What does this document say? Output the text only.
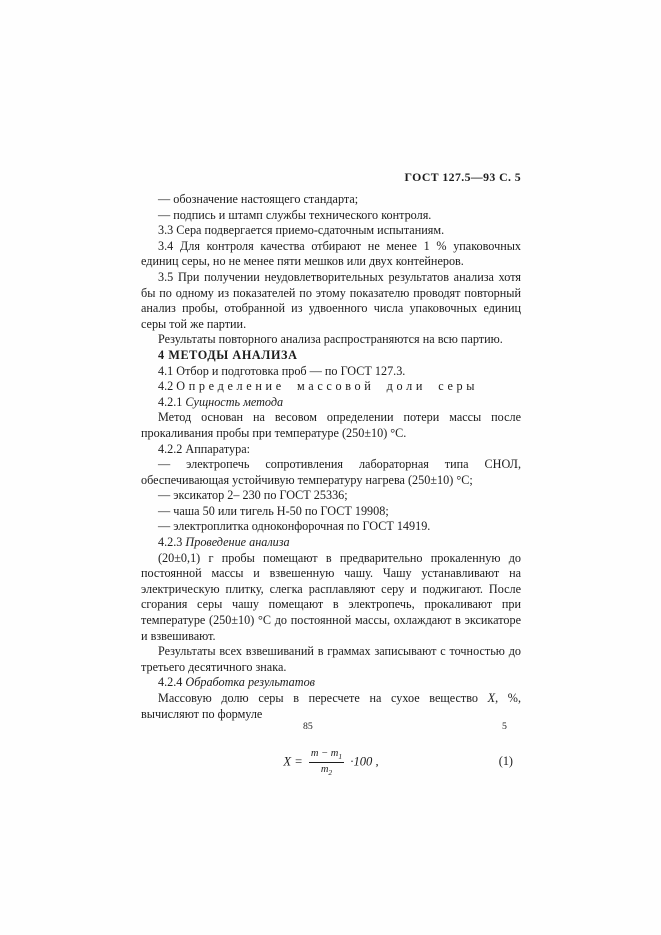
ГОСТ 127.5—93 С. 5

— обозначение настоящего стандарта;

— подпись и штамп службы технического контроля.

3.3 Сера подвергается приемо-сдаточным испытаниям.

3.4 Для контроля качества отбирают не менее 1 % упаковочных единиц серы, но не менее пяти мешков или двух контейнеров.

3.5 При получении неудовлетворительных результатов анализа хотя бы по одному из показателей по этому показателю проводят повторный анализ пробы, отобранной из удвоенного числа упаковочных единиц серы той же партии.

Результаты повторного анализа распространяются на всю партию.

4 МЕТОДЫ АНАЛИЗА

4.1 Отбор и подготовка проб — по ГОСТ 127.3.

4.2 Определение массовой доли серы

4.2.1 Сущность метода

Метод основан на весовом определении потери массы после прокаливания пробы при температуре (250±10) °С.

4.2.2 Аппаратура:

— электропечь сопротивления лабораторная типа СНОЛ, обеспечивающая устойчивую температуру нагрева (250±10) °С;

— эксикатор 2– 230 по ГОСТ 25336;

— чаша 50 или тигель Н-50 по ГОСТ 19908;

— электроплитка одноконфорочная по ГОСТ 14919.

4.2.3 Проведение анализа

(20±0,1) г пробы помещают в предварительно прокаленную до постоянной массы и взвешенную чашу. Чашу устанавливают на электрическую плитку, слегка расплавляют серу и поджигают. После сгорания серы чашу помещают в электропечь, прокаливают при температуре (250±10) °С до постоянной массы, охлаждают в эксикаторе и взвешивают.

Результаты всех взвешиваний в граммах записывают с точностью до третьего десятичного знака.

4.2.4 Обработка результатов

Массовую долю серы в пересчете на сухое вещество X, %, вычисляют по формуле

$X = \frac{m - m_1}{m_2} \cdot 100$ ,	(1)
85	5
